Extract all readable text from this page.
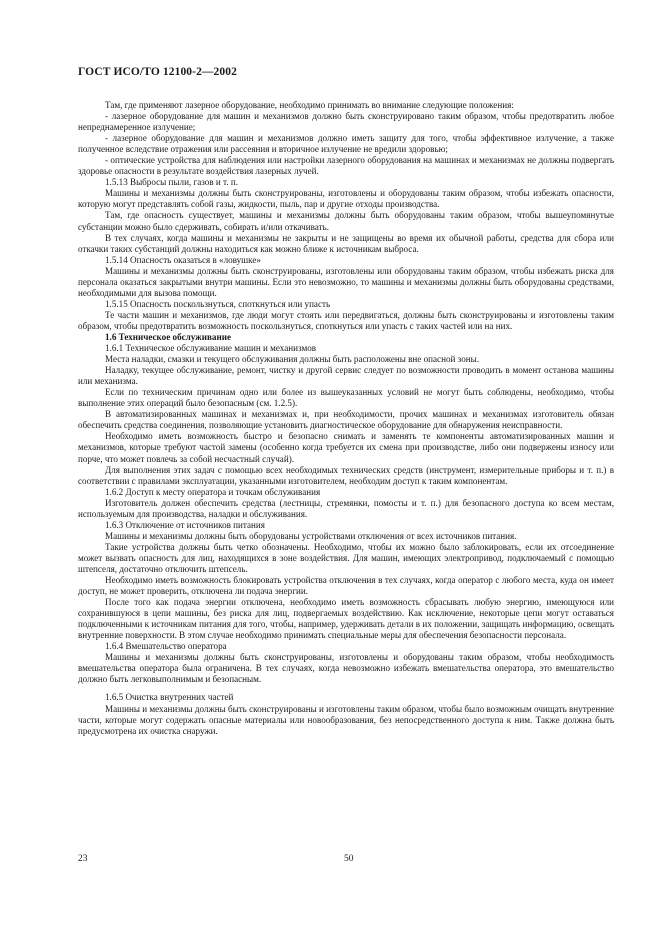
ГОСТ ИСО/ТО 12100-2—2002

Там, где применяют лазерное оборудование, необходимо принимать во внимание следующие положения:

- лазерное оборудование для машин и механизмов должно быть сконструировано таким образом, чтобы предотвратить любое непреднамеренное излучение;

- лазерное оборудование для машин и механизмов должно иметь защиту для того, чтобы эффективное излучение, а также полученное вследствие отражения или рассеяния и вторичное излучение не вредили здоровью;

- оптические устройства для наблюдения или настройки лазерного оборудования на машинах и механизмах не должны подвергать здоровье опасности в результате воздействия лазерных лучей.

1.5.13 Выбросы пыли, газов и т. п.

Машины и механизмы должны быть сконструированы, изготовлены и оборудованы таким образом, чтобы избежать опасности, которую могут представлять собой газы, жидкости, пыль, пар и другие отходы производства.

Там, где опасность существует, машины и механизмы должны быть оборудованы таким образом, чтобы вышеупомянутые субстанции можно было сдерживать, собирать и/или откачивать.

В тех случаях, когда машины и механизмы не закрыты и не защищены во время их обычной работы, средства для сбора или откачки таких субстанций должны находиться как можно ближе к источникам выброса.

1.5.14 Опасность оказаться в «ловушке»

Машины и механизмы должны быть сконструированы, изготовлены или оборудованы таким образом, чтобы избежать риска для персонала оказаться закрытыми внутри машины. Если это невозможно, то машины и механизмы должны быть оборудованы средствами, необходимыми для вызова помощи.

1.5.15 Опасность поскользнуться, споткнуться или упасть

Те части машин и механизмов, где люди могут стоять или передвигаться, должны быть сконструированы и изготовлены таким образом, чтобы предотвратить возможность поскользнуться, споткнуться или упасть с таких частей или на них.

1.6 Техническое обслуживание

1.6.1 Техническое обслуживание машин и механизмов

Места наладки, смазки и текущего обслуживания должны быть расположены вне опасной зоны.

Наладку, текущее обслуживание, ремонт, чистку и другой сервис следует по возможности проводить в момент останова машины или механизма.

Если по техническим причинам одно или более из вышеуказанных условий не могут быть соблюдены, необходимо, чтобы выполнение этих операций было безопасным (см. 1.2.5).

В автоматизированных машинах и механизмах и, при необходимости, прочих машинах и механизмах изготовитель обязан обеспечить средства соединения, позволяющие установить диагностическое оборудование для обнаружения неисправности.

Необходимо иметь возможность быстро и безопасно снимать и заменять те компоненты автоматизированных машин и механизмов, которые требуют частой замены (особенно когда требуется их смена при производстве, либо они подвержены износу или порче, что может повлечь за собой несчастный случай).

Для выполнения этих задач с помощью всех необходимых технических средств (инструмент, измерительные приборы и т. п.) в соответствии с правилами эксплуатации, указанными изготовителем, необходим доступ к таким компонентам.

1.6.2 Доступ к месту оператора и точкам обслуживания

Изготовитель должен обеспечить средства (лестницы, стремянки, помосты и т. п.) для безопасного доступа ко всем местам, используемым для производства, наладки и обслуживания.

1.6.3 Отключение от источников питания

Машины и механизмы должны быть оборудованы устройствами отключения от всех источников питания.

Такие устройства должны быть четко обозначены. Необходимо, чтобы их можно было заблокировать, если их отсоединение может вызвать опасность для лиц, находящихся в зоне воздействия. Для машин, имеющих электропривод, подключаемый с помощью штепселя, достаточно отключить штепсель.

Необходимо иметь возможность блокировать устройства отключения в тех случаях, когда оператор с любого места, куда он имеет доступ, не может проверить, отключена ли подача энергии.

После того как подача энергии отключена, необходимо иметь возможность сбрасывать любую энергию, имеющуюся или сохранившуюся в цепи машины, без риска для лиц, подвергаемых воздействию. Как исключение, некоторые цепи могут оставаться подключенными к источникам питания для того, чтобы, например, удерживать детали в их положении, защищать информацию, освещать внутренние поверхности. В этом случае необходимо принимать специальные меры для обеспечения безопасности персонала.

1.6.4 Вмешательство оператора

Машины и механизмы должны быть сконструированы, изготовлены и оборудованы таким образом, чтобы необходимость вмешательства оператора была ограничена. В тех случаях, когда невозможно избежать вмешательства оператора, это вмешательство должно быть легковыполнимым и безопасным.

1.6.5 Очистка внутренних частей

Машины и механизмы должны быть сконструированы и изготовлены таким образом, чтобы было возможным очищать внутренние части, которые могут содержать опасные материалы или новообразования, без непосредственного доступа к ним. Также должна быть предусмотрена их очистка снаружи.

23	50
